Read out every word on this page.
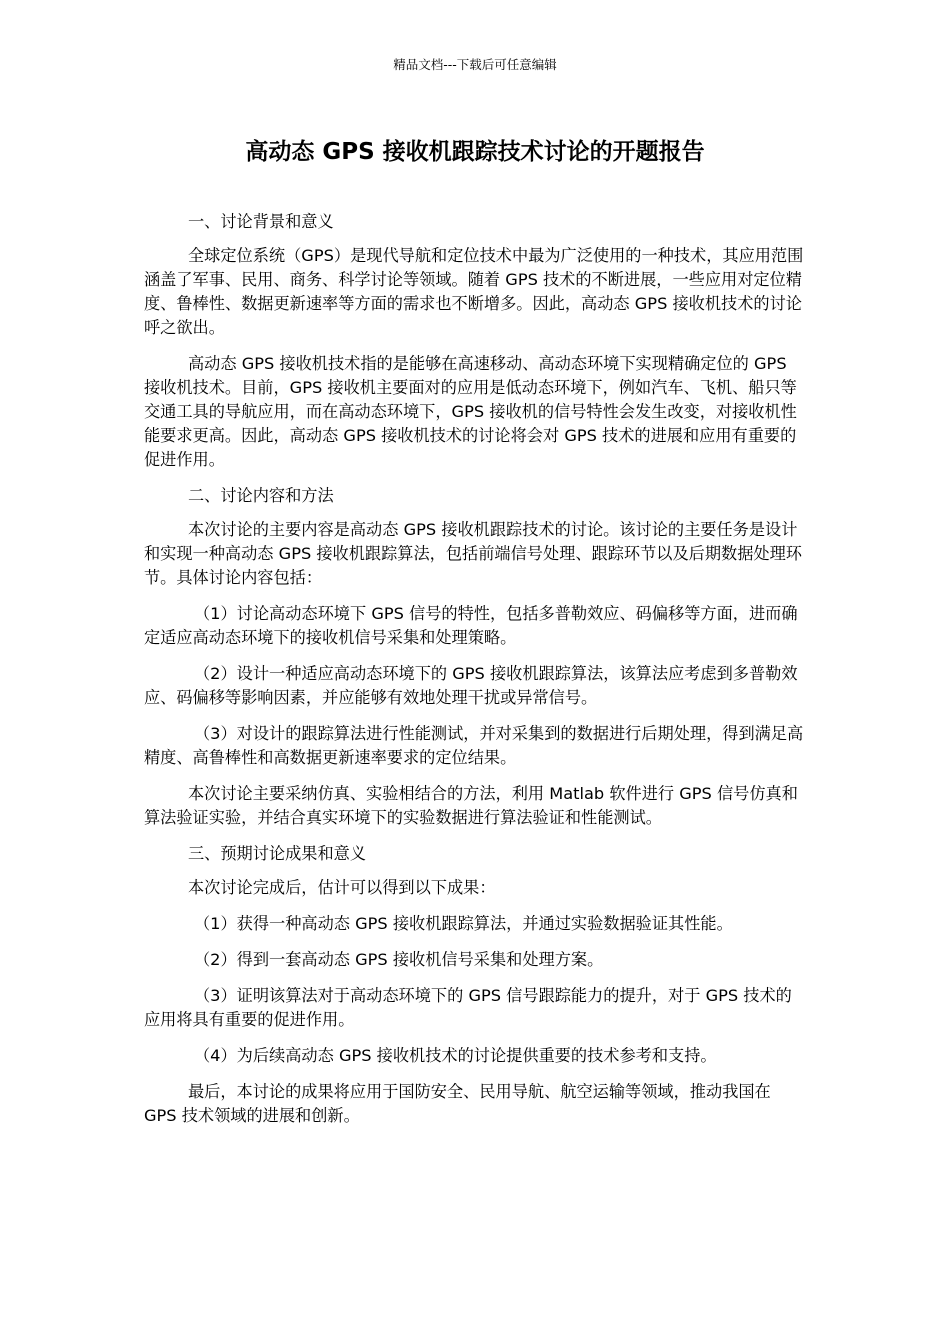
精品文档---下载后可任意编辑
高动态 GPS 接收机跟踪技术讨论的开题报告

一、讨论背景和意义

全球定位系统（GPS）是现代导航和定位技术中最为广泛使用的一种技术，其应用范围涵盖了军事、民用、商务、科学讨论等领域。随着 GPS 技术的不断进展，一些应用对定位精度、鲁棒性、数据更新速率等方面的需求也不断增多。因此，高动态 GPS 接收机技术的讨论呼之欲出。

高动态 GPS 接收机技术指的是能够在高速移动、高动态环境下实现精确定位的 GPS 接收机技术。目前，GPS 接收机主要面对的应用是低动态环境下，例如汽车、飞机、船只等交通工具的导航应用，而在高动态环境下，GPS 接收机的信号特性会发生改变，对接收机性能要求更高。因此，高动态 GPS 接收机技术的讨论将会对 GPS 技术的进展和应用有重要的促进作用。

二、讨论内容和方法

本次讨论的主要内容是高动态 GPS 接收机跟踪技术的讨论。该讨论的主要任务是设计和实现一种高动态 GPS 接收机跟踪算法，包括前端信号处理、跟踪环节以及后期数据处理环节。具体讨论内容包括：

（1）讨论高动态环境下 GPS 信号的特性，包括多普勒效应、码偏移等方面，进而确定适应高动态环境下的接收机信号采集和处理策略。

（2）设计一种适应高动态环境下的 GPS 接收机跟踪算法，该算法应考虑到多普勒效应、码偏移等影响因素，并应能够有效地处理干扰或异常信号。

（3）对设计的跟踪算法进行性能测试，并对采集到的数据进行后期处理，得到满足高精度、高鲁棒性和高数据更新速率要求的定位结果。

本次讨论主要采纳仿真、实验相结合的方法，利用 Matlab 软件进行 GPS 信号仿真和算法验证实验，并结合真实环境下的实验数据进行算法验证和性能测试。

三、预期讨论成果和意义

本次讨论完成后，估计可以得到以下成果：

（1）获得一种高动态 GPS 接收机跟踪算法，并通过实验数据验证其性能。

（2）得到一套高动态 GPS 接收机信号采集和处理方案。

（3）证明该算法对于高动态环境下的 GPS 信号跟踪能力的提升，对于 GPS 技术的应用将具有重要的促进作用。

（4）为后续高动态 GPS 接收机技术的讨论提供重要的技术参考和支持。

最后，本讨论的成果将应用于国防安全、民用导航、航空运输等领域，推动我国在 GPS 技术领域的进展和创新。
